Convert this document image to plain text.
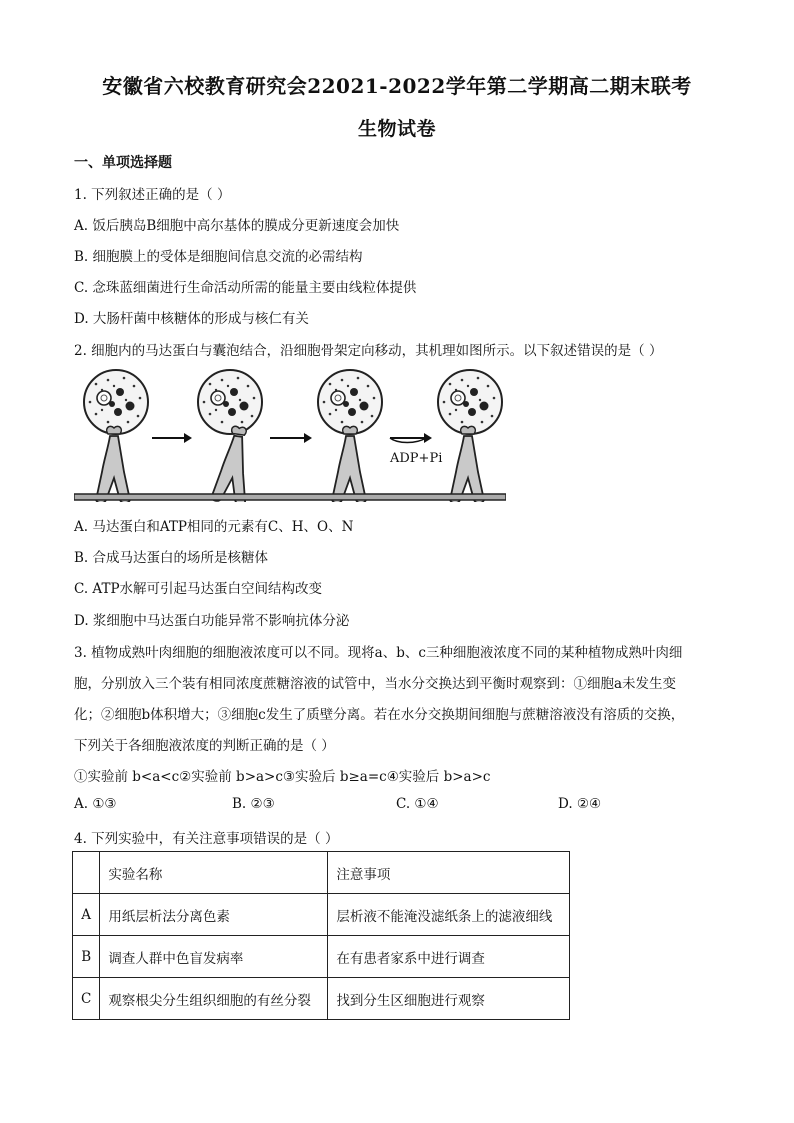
安徽省六校教育研究会22021-2022学年第二学期高二期末联考
生物试卷
一、单项选择题
1. 下列叙述正确的是（ ）
A. 饭后胰岛B细胞中高尔基体的膜成分更新速度会加快
B. 细胞膜上的受体是细胞间信息交流的必需结构
C. 念珠蓝细菌进行生命活动所需的能量主要由线粒体提供
D. 大肠杆菌中核糖体的形成与核仁有关
2. 细胞内的马达蛋白与囊泡结合，沿细胞骨架定向移动，其机理如图所示。以下叙述错误的是（ ）
ADP+Pi
A. 马达蛋白和ATP相同的元素有C、H、O、N
B. 合成马达蛋白的场所是核糖体
C. ATP水解可引起马达蛋白空间结构改变
D. 浆细胞中马达蛋白功能异常不影响抗体分泌
3. 植物成熟叶肉细胞的细胞液浓度可以不同。现将a、b、c三种细胞液浓度不同的某种植物成熟叶肉细
胞，分别放入三个装有相同浓度蔗糖溶液的试管中，当水分交换达到平衡时观察到：①细胞a未发生变
化；②细胞b体积增大；③细胞c发生了质壁分离。若在水分交换期间细胞与蔗糖溶液没有溶质的交换，
下列关于各细胞液浓度的判断正确的是（ ）
①实验前 b<a<c②实验前 b>a>c③实验后 b≥a=c④实验后 b>a>c
A. ①③	B. ②③	C. ①④	D. ②④
4. 下列实验中，有关注意事项错误的是（ ）
	实验名称	注意事项
A	用纸层析法分离色素	层析液不能淹没滤纸条上的滤液细线
B	调查人群中色盲发病率	在有患者家系中进行调查
C	观察根尖分生组织细胞的有丝分裂	找到分生区细胞进行观察
